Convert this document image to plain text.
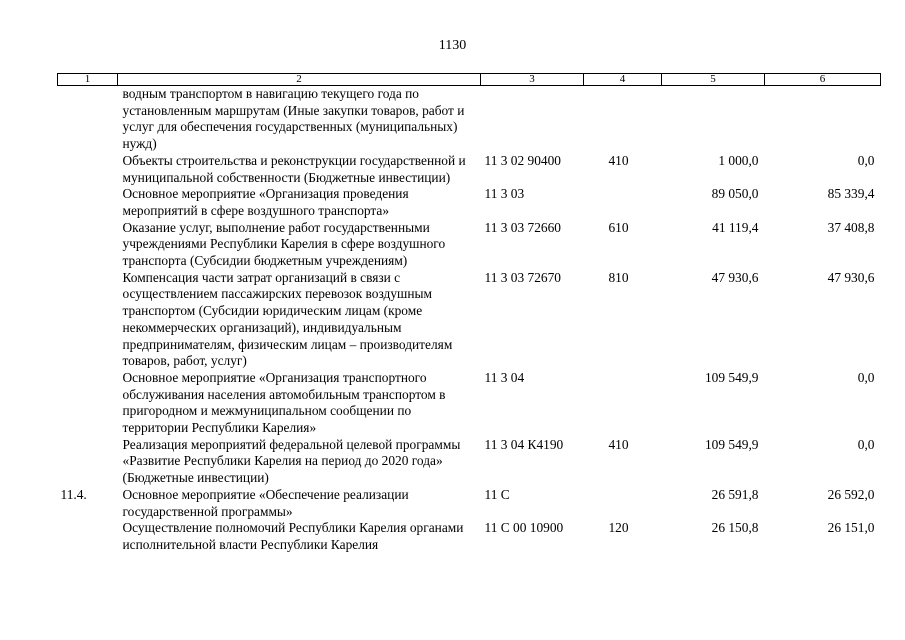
1130
1	2	3	4	5	6
	водным транспортом в навигацию текущего года по установленным маршрутам (Иные закупки товаров, работ и услуг для обеспечения государственных (муниципальных) нужд)				
	Объекты строительства и реконструкции государственной и муниципальной собственности (Бюджетные инвестиции)	11 3 02 90400	410	1 000,0	0,0
	Основное мероприятие «Организация проведения мероприятий в сфере воздушного транспорта»	11 3 03		89 050,0	85 339,4
	Оказание услуг, выполнение работ государственными учреждениями Республики Карелия в сфере воздушного транспорта (Субсидии бюджетным учреждениям)	11 3 03 72660	610	41 119,4	37 408,8
	Компенсация части затрат организаций в связи с осуществлением пассажирских перевозок воздушным транспортом (Субсидии юридическим лицам (кроме некоммерческих организаций), индивидуальным предпринимателям, физическим лицам – производителям товаров, работ, услуг)	11 3 03 72670	810	47 930,6	47 930,6
	Основное мероприятие «Организация транспортного обслуживания населения автомобильным транспортом в пригородном и межмуниципальном сообщении по территории Республики Карелия»	11 3 04		109 549,9	0,0
	Реализация мероприятий федеральной целевой программы «Развитие Республики Карелия на период до 2020 года» (Бюджетные инвестиции)	11 3 04 К4190	410	109 549,9	0,0
11.4.	Основное мероприятие «Обеспечение реализации государственной программы»	11 С		26 591,8	26 592,0
	Осуществление полномочий Республики Карелия органами исполнительной власти Республики Карелия	11 С 00 10900	120	26 150,8	26 151,0
